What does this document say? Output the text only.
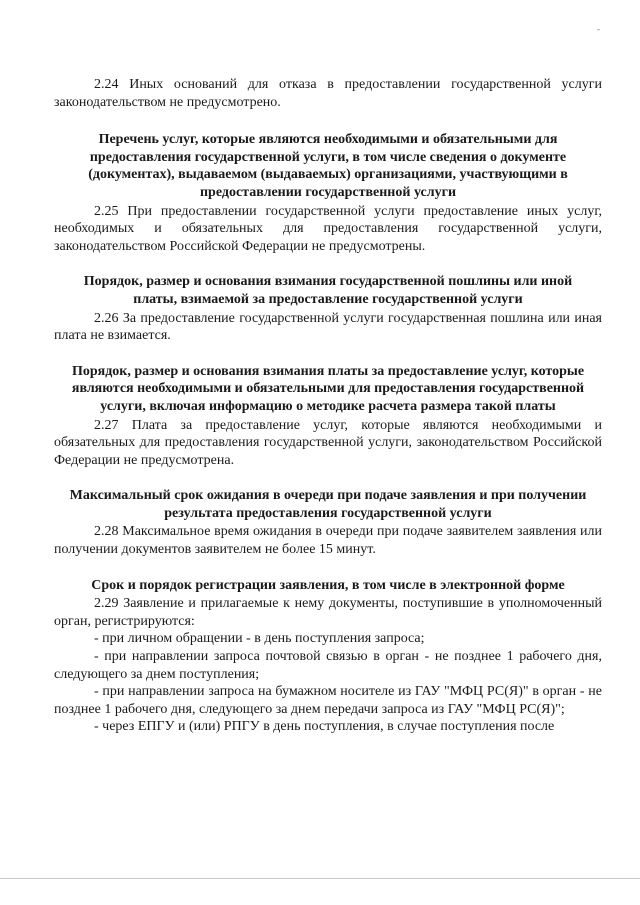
-

2.24 Иных оснований для отказа в предоставлении государственной услуги законодательством не предусмотрено.

Перечень услуг, которые являются необходимыми и обязательными для предоставления государственной услуги, в том числе сведения о документе (документах), выдаваемом (выдаваемых) организациями, участвующими в предоставлении государственной услуги

2.25 При предоставлении государственной услуги предоставление иных услуг, необходимых и обязательных для предоставления государственной услуги, законодательством Российской Федерации не предусмотрены.

Порядок, размер и основания взимания государственной пошлины или иной платы, взимаемой за предоставление государственной услуги

2.26 За предоставление государственной услуги государственная пошлина или иная плата не взимается.

Порядок, размер и основания взимания платы за предоставление услуг, которые являются необходимыми и обязательными для предоставления государственной услуги, включая информацию о методике расчета размера такой платы

2.27 Плата за предоставление услуг, которые являются необходимыми и обязательных для предоставления государственной услуги, законодательством Российской Федерации не предусмотрена.

Максимальный срок ожидания в очереди при подаче заявления и при получении результата предоставления государственной услуги

2.28 Максимальное время ожидания в очереди при подаче заявителем заявления или получении документов заявителем не более 15 минут.

Срок и порядок регистрации заявления, в том числе в электронной форме

2.29 Заявление и прилагаемые к нему документы, поступившие в уполномоченный орган, регистрируются:

- при личном обращении - в день поступления запроса;

- при направлении запроса почтовой связью в орган - не позднее 1 рабочего дня, следующего за днем поступления;

- при направлении запроса на бумажном носителе из ГАУ "МФЦ РС(Я)" в орган - не позднее 1 рабочего дня, следующего за днем передачи запроса из ГАУ "МФЦ РС(Я)";

- через ЕПГУ и (или) РПГУ в день поступления, в случае поступления после
